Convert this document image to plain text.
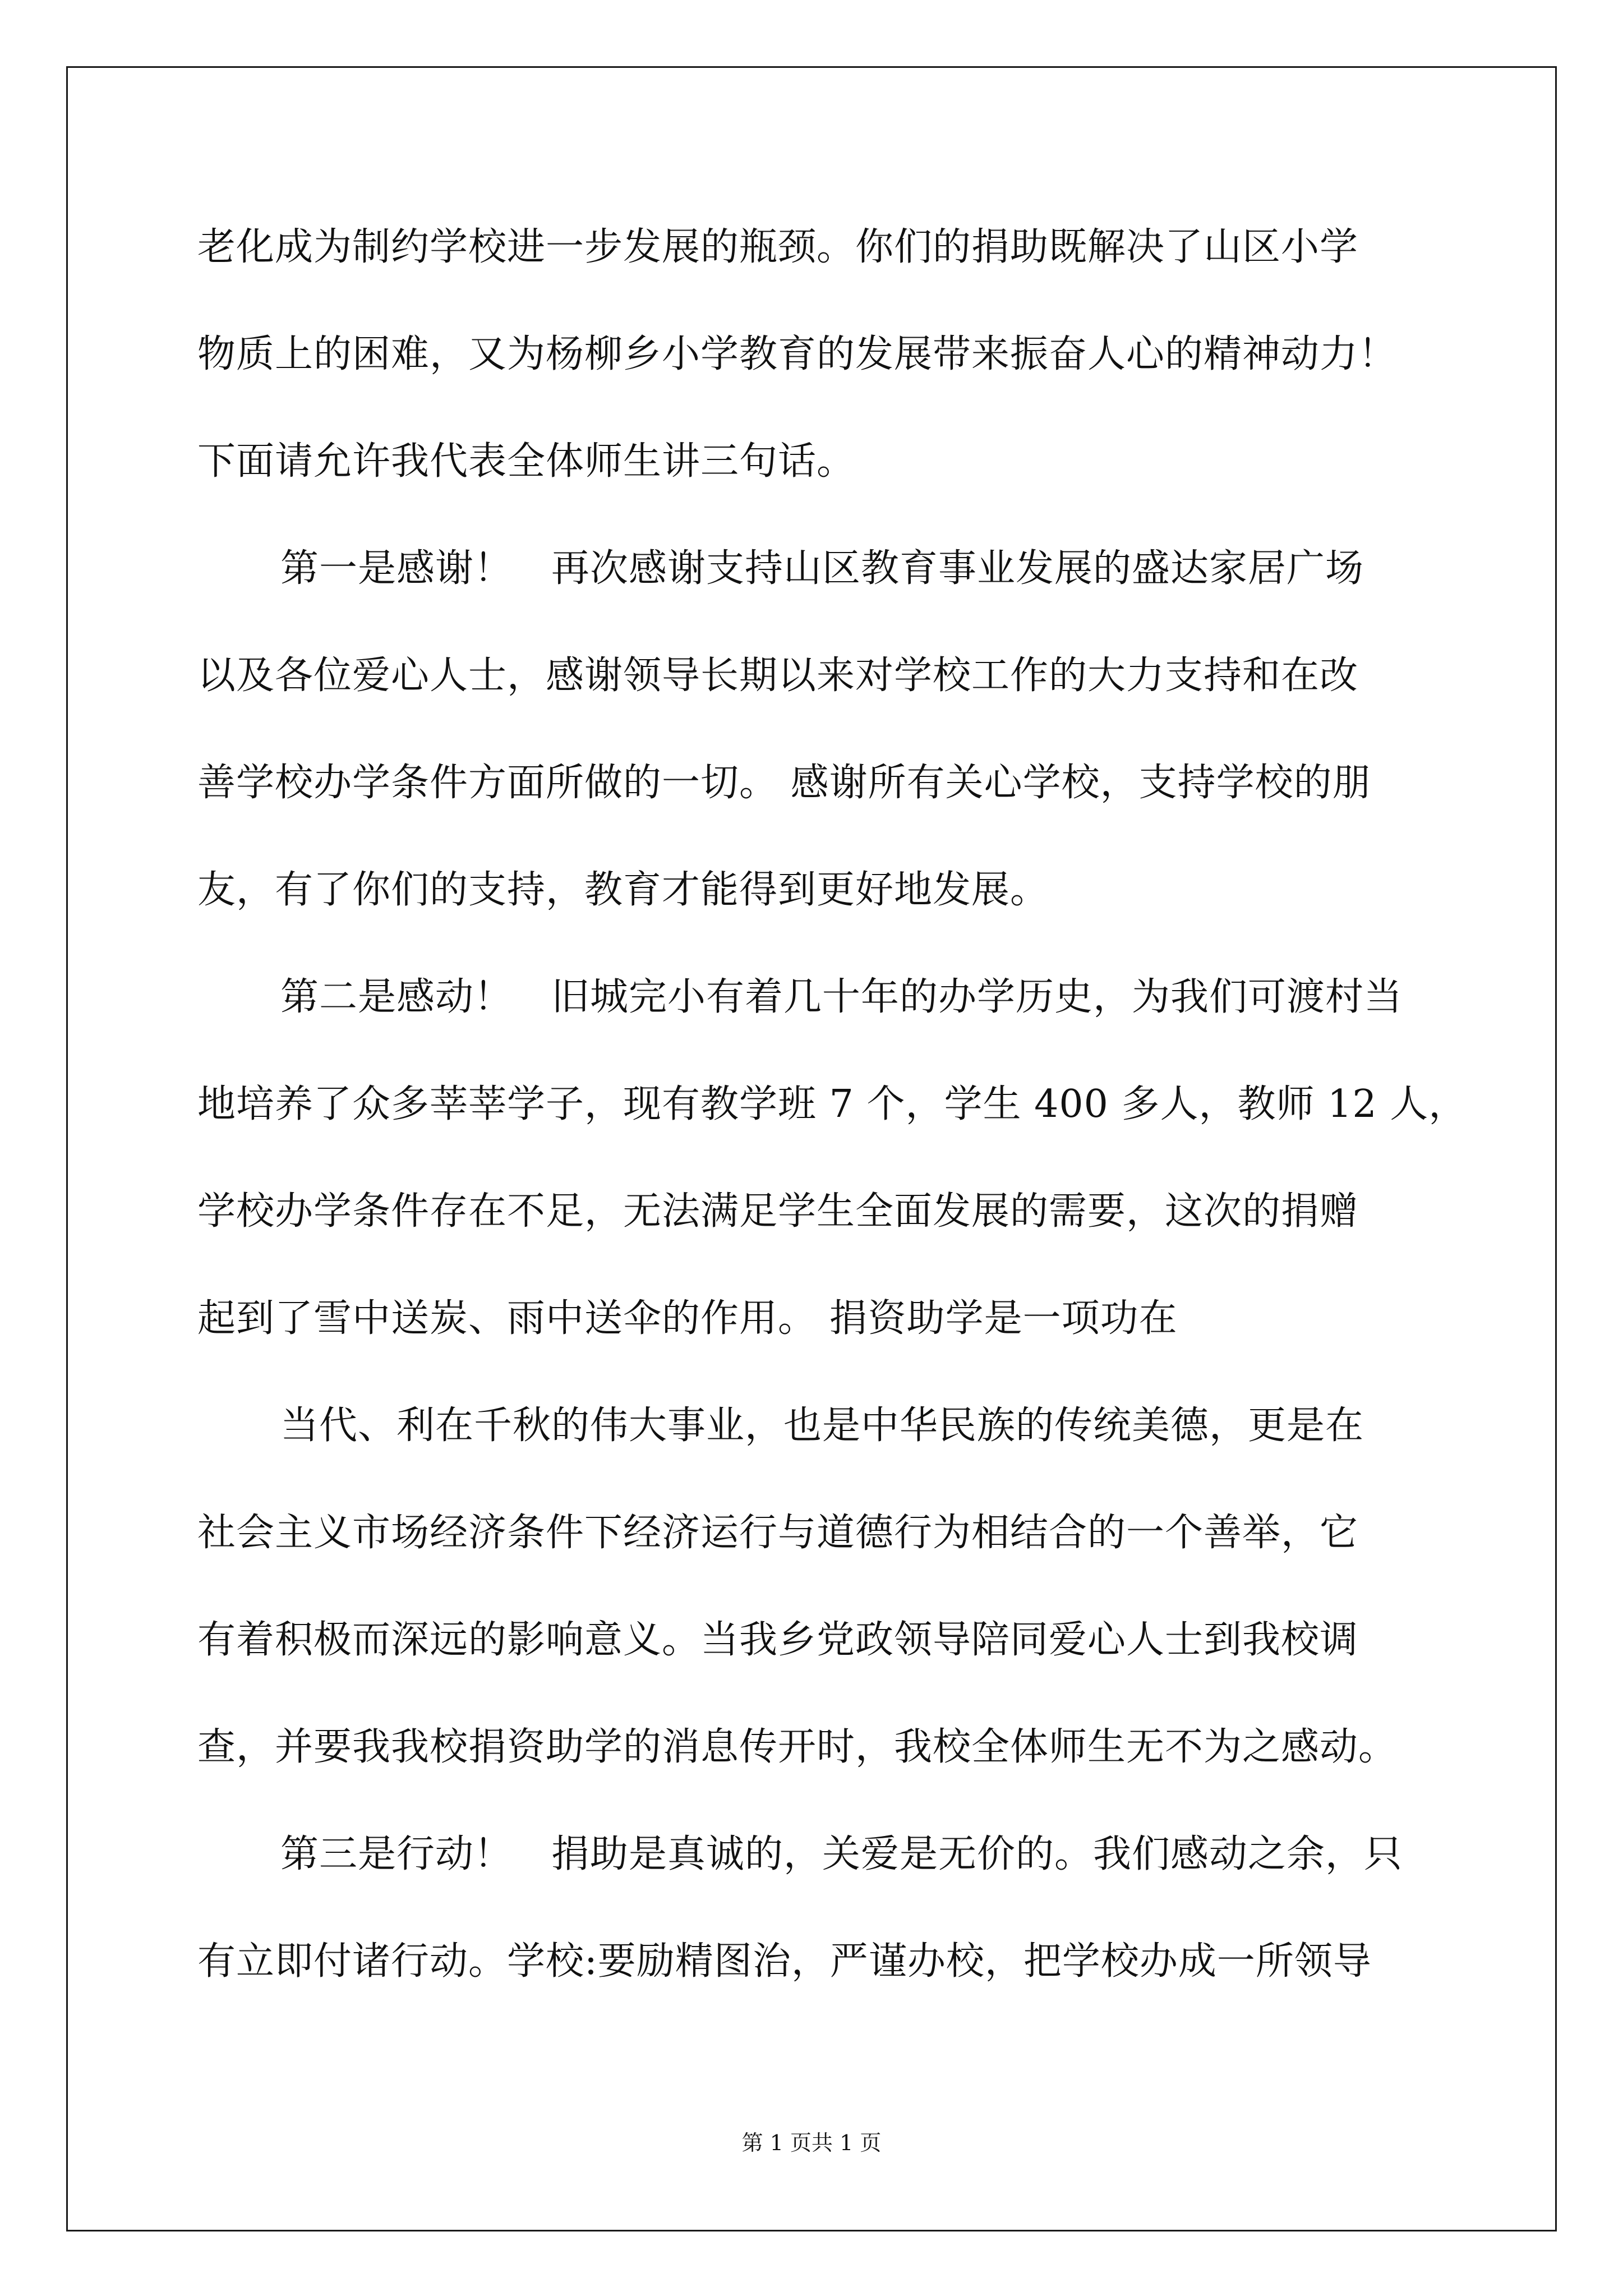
老化成为制约学校进一步发展的瓶颈。你们的捐助既解决了山区小学
物质上的困难，又为杨柳乡小学教育的发展带来振奋人心的精神动力！
下面请允许我代表全体师生讲三句话。
第一是感谢！　再次感谢支持山区教育事业发展的盛达家居广场
以及各位爱心人士，感谢领导长期以来对学校工作的大力支持和在改
善学校办学条件方面所做的一切。 感谢所有关心学校，支持学校的朋
友，有了你们的支持，教育才能得到更好地发展。
第二是感动！　旧城完小有着几十年的办学历史，为我们可渡村当
地培养了众多莘莘学子，现有教学班 7 个，学生 400 多人，教师 12 人，
学校办学条件存在不足，无法满足学生全面发展的需要，这次的捐赠
起到了雪中送炭、雨中送伞的作用。 捐资助学是一项功在
当代、利在千秋的伟大事业，也是中华民族的传统美德，更是在
社会主义市场经济条件下经济运行与道德行为相结合的一个善举，它
有着积极而深远的影响意义。当我乡党政领导陪同爱心人士到我校调
查，并要我我校捐资助学的消息传开时，我校全体师生无不为之感动。
第三是行动！　捐助是真诚的，关爱是无价的。我们感动之余，只
有立即付诸行动。学校:要励精图治，严谨办校，把学校办成一所领导
第 1 页共 1 页
